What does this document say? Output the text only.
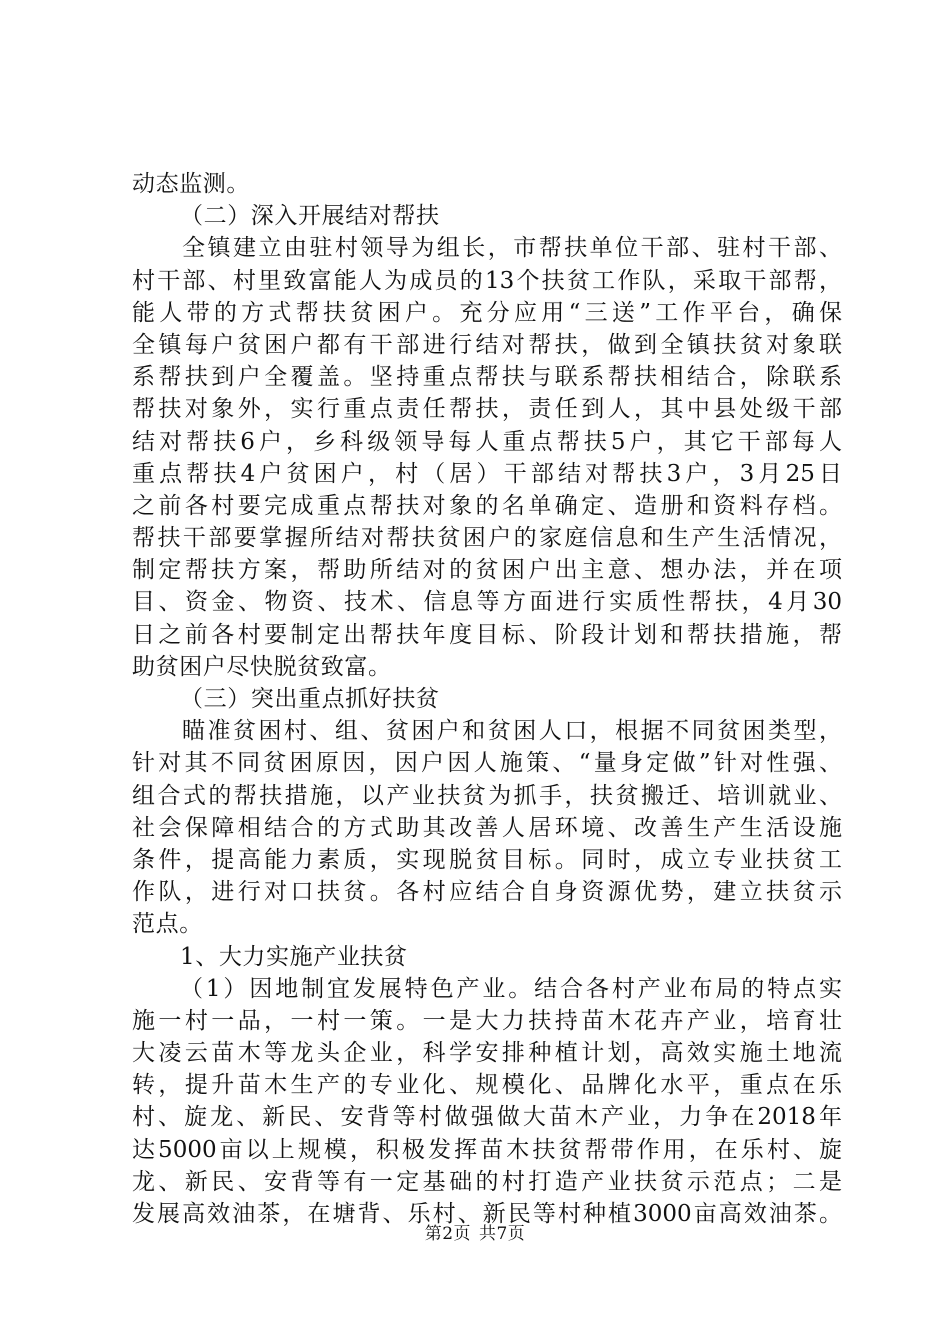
动态监测。
（二）深入开展结对帮扶
全镇建立由驻村领导为组长，市帮扶单位干部、驻村干部、
村干部、村里致富能人为成员的13个扶贫工作队，采取干部帮，
能人带的方式帮扶贫困户。充分应用“三送”工作平台，确保
全镇每户贫困户都有干部进行结对帮扶，做到全镇扶贫对象联
系帮扶到户全覆盖。坚持重点帮扶与联系帮扶相结合，除联系
帮扶对象外，实行重点责任帮扶，责任到人，其中县处级干部
结对帮扶6户，乡科级领导每人重点帮扶5户，其它干部每人
重点帮扶4户贫困户，村（居）干部结对帮扶3户，3月25日
之前各村要完成重点帮扶对象的名单确定、造册和资料存档。
帮扶干部要掌握所结对帮扶贫困户的家庭信息和生产生活情况，
制定帮扶方案，帮助所结对的贫困户出主意、想办法，并在项
目、资金、物资、技术、信息等方面进行实质性帮扶，4月30
日之前各村要制定出帮扶年度目标、阶段计划和帮扶措施，帮
助贫困户尽快脱贫致富。
（三）突出重点抓好扶贫
瞄准贫困村、组、贫困户和贫困人口，根据不同贫困类型，
针对其不同贫困原因，因户因人施策、“量身定做”针对性强、
组合式的帮扶措施，以产业扶贫为抓手，扶贫搬迁、培训就业、
社会保障相结合的方式助其改善人居环境、改善生产生活设施
条件，提高能力素质，实现脱贫目标。同时，成立专业扶贫工
作队，进行对口扶贫。各村应结合自身资源优势，建立扶贫示
范点。
1、大力实施产业扶贫
（1）因地制宜发展特色产业。结合各村产业布局的特点实
施一村一品，一村一策。一是大力扶持苗木花卉产业，培育壮
大凌云苗木等龙头企业，科学安排种植计划，高效实施土地流
转，提升苗木生产的专业化、规模化、品牌化水平，重点在乐
村、旋龙、新民、安背等村做强做大苗木产业，力争在2018年
达5000亩以上规模，积极发挥苗木扶贫帮带作用，在乐村、旋
龙、新民、安背等有一定基础的村打造产业扶贫示范点；二是
发展高效油茶，在塘背、乐村、新民等村种植3000亩高效油茶。
第2页 共7页
